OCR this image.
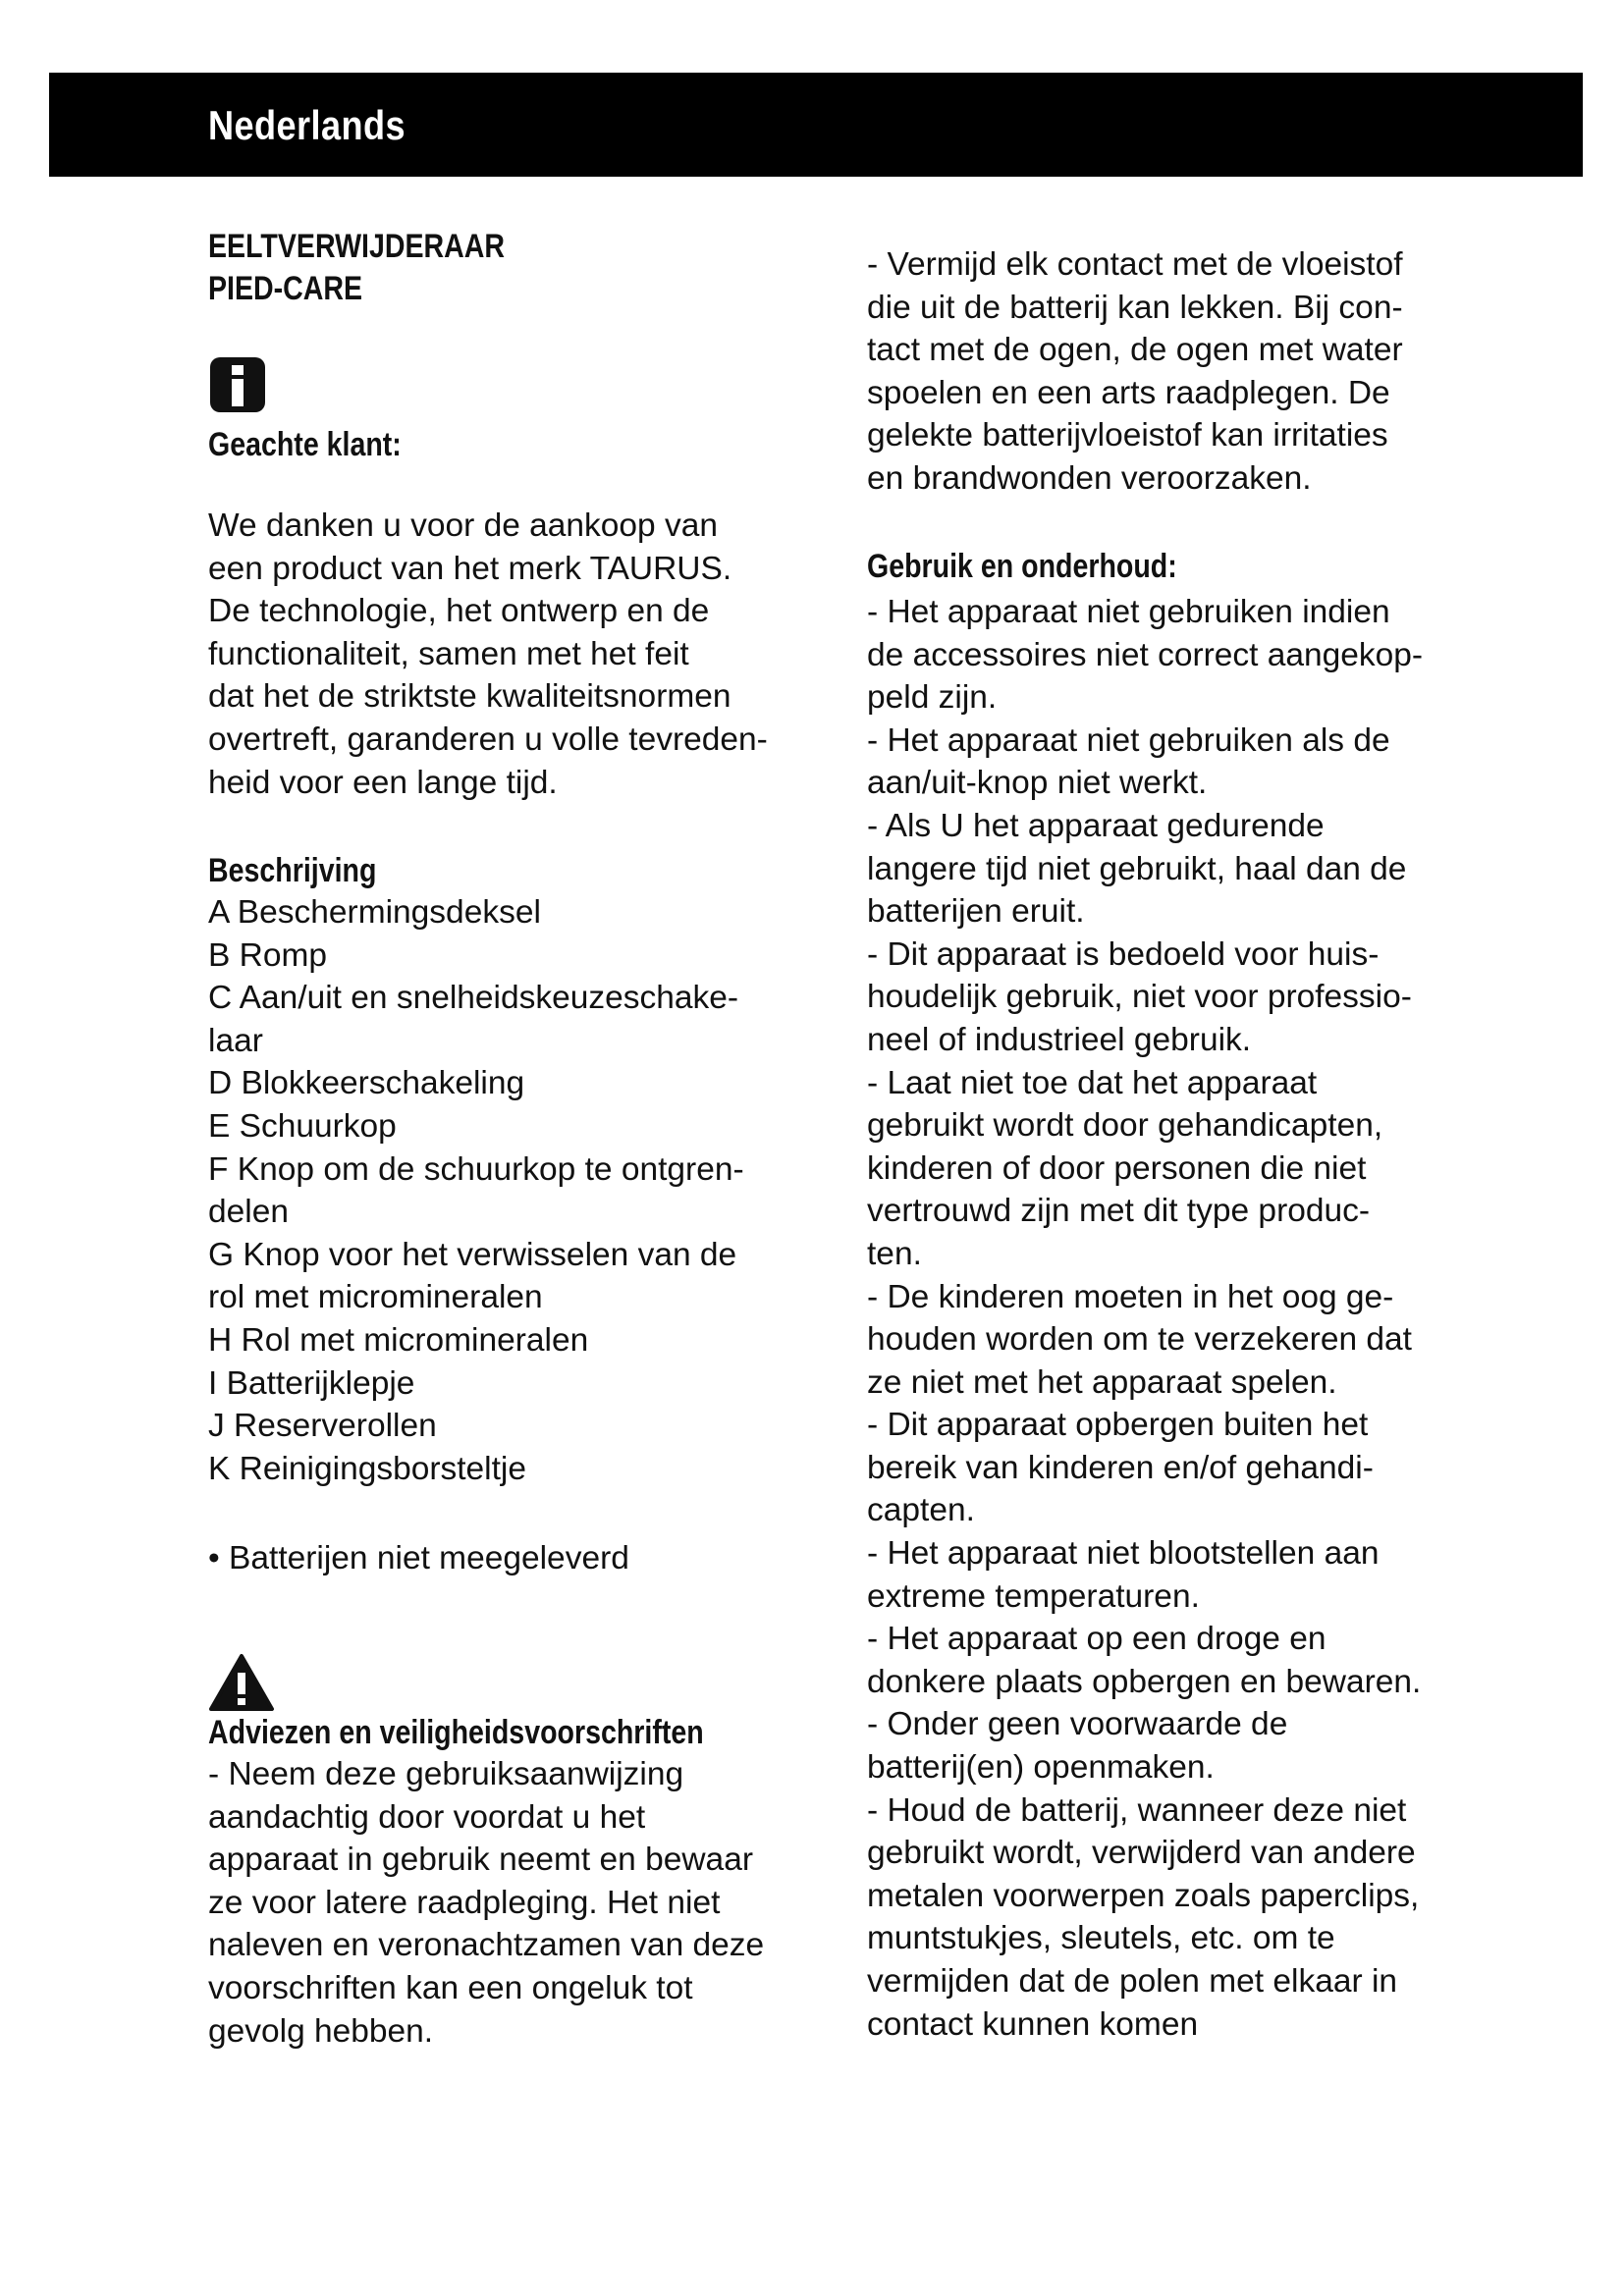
Nederlands
EELTVERWIJDERAAR
PIED-CARE
Geachte klant:
We danken u voor de aankoop van
een product van het merk TAURUS.
De technologie, het ontwerp en de
functionaliteit, samen met het feit
dat het de striktste kwaliteitsnormen
overtreft, garanderen u volle tevreden-
heid voor een lange tijd.
Beschrijving
A Beschermingsdeksel
B Romp
C Aan/uit en snelheidskeuzeschake-
laar
D Blokkeerschakeling
E Schuurkop
F Knop om de schuurkop te ontgren-
delen
G Knop voor het verwisselen van de
rol met micromineralen
H Rol met micromineralen
I Batterijklepje
J Reserverollen
K Reinigingsborsteltje
• Batterijen niet meegeleverd
Adviezen en veiligheidsvoorschriften
- Neem deze gebruiksaanwijzing
aandachtig door voordat u het
apparaat in gebruik neemt en bewaar
ze voor latere raadpleging. Het niet
naleven en veronachtzamen van deze
voorschriften kan een ongeluk tot
gevolg hebben.
- Vermijd elk contact met de vloeistof
die uit de batterij kan lekken. Bij con-
tact met de ogen, de ogen met water
spoelen en een arts raadplegen. De
gelekte batterijvloeistof kan irritaties
en brandwonden veroorzaken.
Gebruik en onderhoud:
- Het apparaat niet gebruiken indien
de accessoires niet correct aangekop-
peld zijn.
- Het apparaat niet gebruiken als de
aan/uit-knop niet werkt.
- Als U het apparaat gedurende
langere tijd niet gebruikt, haal dan de
batterijen eruit.
- Dit apparaat is bedoeld voor huis-
houdelijk gebruik, niet voor professio-
neel of industrieel gebruik.
- Laat niet toe dat het apparaat
gebruikt wordt door gehandicapten,
kinderen of door personen die niet
vertrouwd zijn met dit type produc-
ten.
- De kinderen moeten in het oog ge-
houden worden om te verzekeren dat
ze niet met het apparaat spelen.
- Dit apparaat opbergen buiten het
bereik van kinderen en/of gehandi-
capten.
- Het apparaat niet blootstellen aan
extreme temperaturen.
- Het apparaat op een droge en
donkere plaats opbergen en bewaren.
- Onder geen voorwaarde de
batterij(en) openmaken.
- Houd de batterij, wanneer deze niet
gebruikt wordt, verwijderd van andere
metalen voorwerpen zoals paperclips,
muntstukjes, sleutels, etc. om te
vermijden dat de polen met elkaar in
contact kunnen komen
